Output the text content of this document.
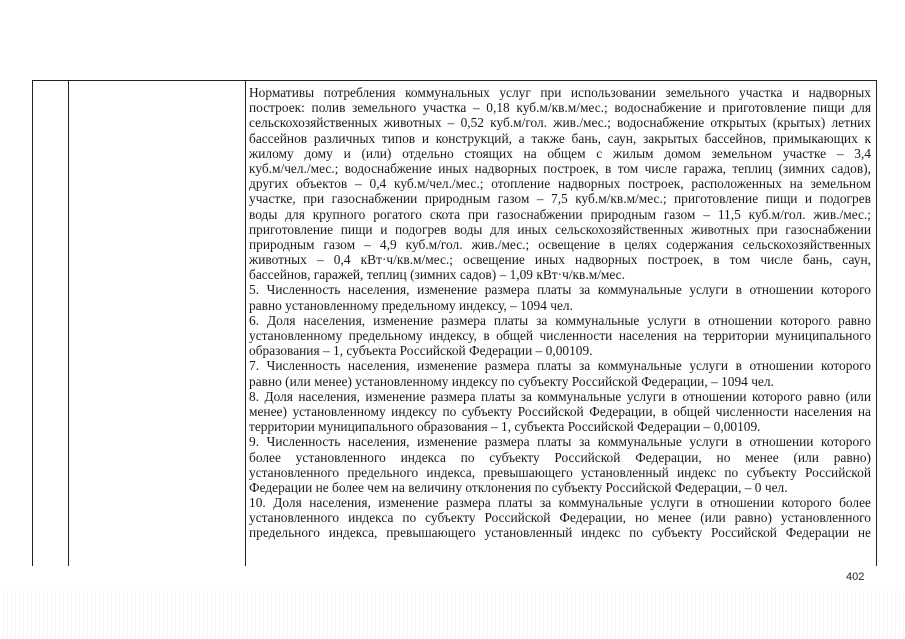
Нормативы потребления коммунальных услуг при использовании земельного участка и надворных
построек: полив земельного участка – 0,18 куб.м/кв.м/мес.; водоснабжение и приготовление пищи для
сельскохозяйственных животных – 0,52 куб.м/гол. жив./мес.; водоснабжение открытых (крытых) летних
бассейнов различных типов и конструкций, а также бань, саун, закрытых бассейнов, примыкающих к
жилому дому и (или) отдельно стоящих на общем с жилым домом земельном участке – 3,4
куб.м/чел./мес.; водоснабжение иных надворных построек, в том числе гаража, теплиц (зимних садов),
других объектов – 0,4 куб.м/чел./мес.; отопление надворных построек, расположенных на земельном
участке, при газоснабжении природным газом – 7,5 куб.м/кв.м/мес.; приготовление пищи и подогрев
воды для крупного рогатого скота при газоснабжении природным газом – 11,5 куб.м/гол. жив./мес.;
приготовление пищи и подогрев воды для иных сельскохозяйственных животных при газоснабжении
природным газом – 4,9 куб.м/гол. жив./мес.; освещение в целях содержания сельскохозяйственных
животных – 0,4 кВт·ч/кв.м/мес.; освещение иных надворных построек, в том числе бань, саун,
бассейнов, гаражей, теплиц (зимних садов) – 1,09 кВт·ч/кв.м/мес.
5. Численность населения, изменение размера платы за коммунальные услуги в отношении которого
равно установленному предельному индексу, – 1094 чел.
6. Доля населения, изменение размера платы за коммунальные услуги в отношении которого равно
установленному предельному индексу, в общей численности населения на территории муниципального
образования – 1, субъекта Российской Федерации – 0,00109.
7. Численность населения, изменение размера платы за коммунальные услуги в отношении которого
равно (или менее) установленному индексу по субъекту Российской Федерации, – 1094 чел.
8. Доля населения, изменение размера платы за коммунальные услуги в отношении которого равно (или
менее) установленному индексу по субъекту Российской Федерации, в общей численности населения на
территории муниципального образования – 1, субъекта Российской Федерации – 0,00109.
9. Численность населения, изменение размера платы за коммунальные услуги в отношении которого
более установленного индекса по субъекту Российской Федерации, но менее (или равно)
установленного предельного индекса, превышающего установленный индекс по субъекту Российской
Федерации не более чем на величину отклонения по субъекту Российской Федерации, – 0 чел.
10. Доля населения, изменение размера платы за коммунальные услуги в отношении которого более
установленного индекса по субъекту Российской Федерации, но менее (или равно) установленного
предельного индекса, превышающего установленный индекс по субъекту Российской Федерации не
402
